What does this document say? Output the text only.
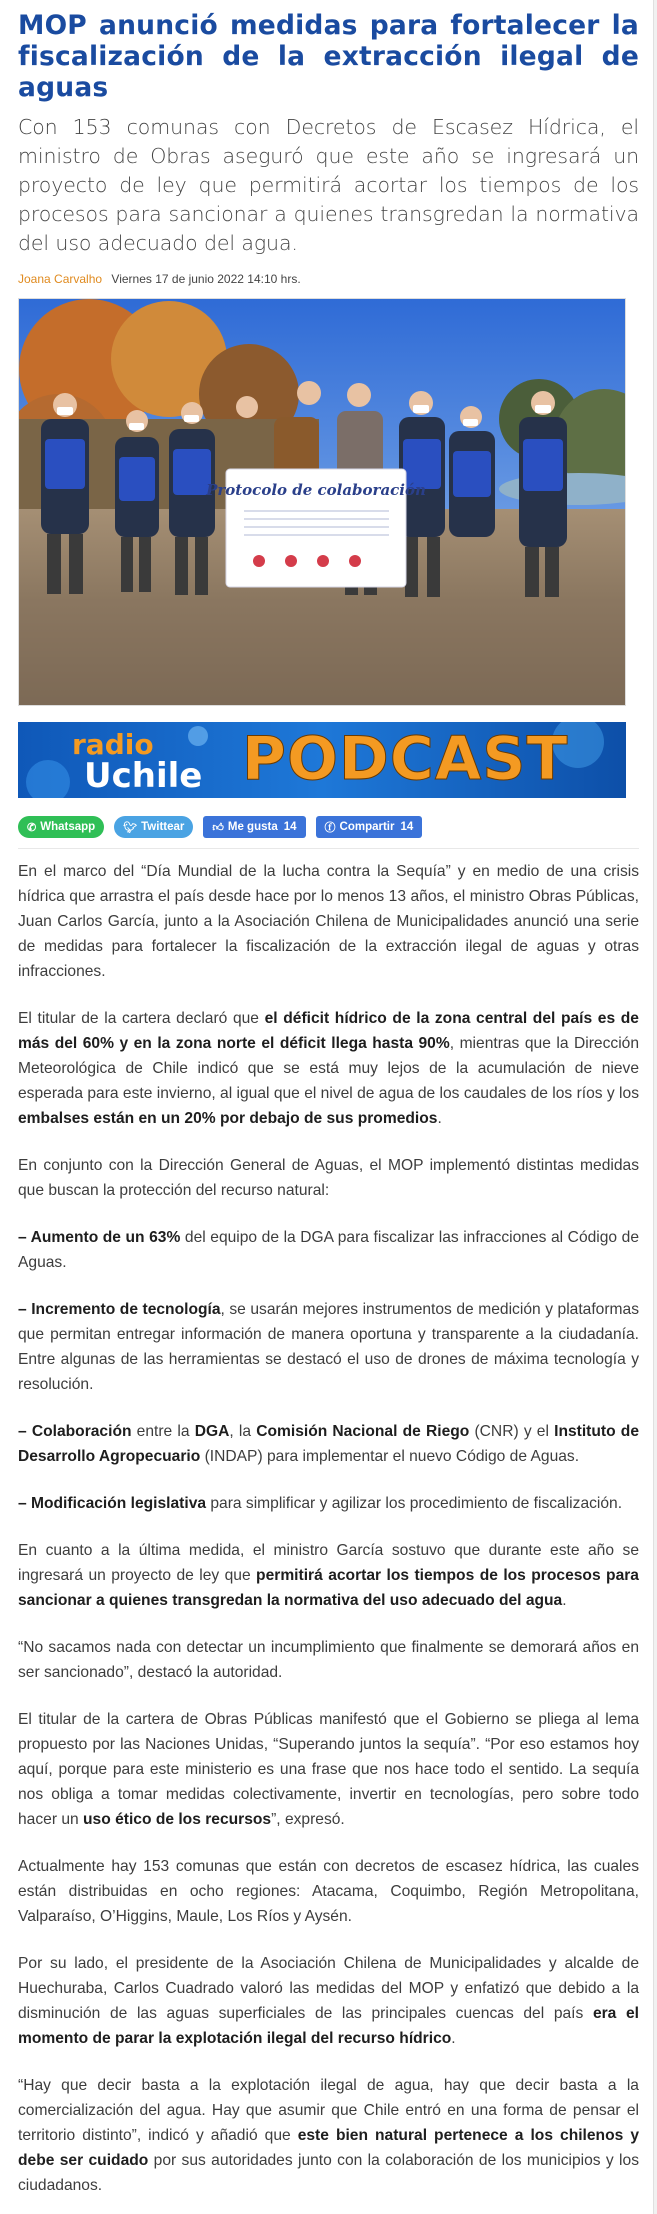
MOP anunció medidas para fortalecer la fiscalización de la extracción ilegal de aguas

Con 153 comunas con Decretos de Escasez Hídrica, el ministro de Obras aseguró que este año se ingresará un proyecto de ley que permitirá acortar los tiempos de los procesos para sancionar a quienes transgredan la normativa del uso adecuado del agua.

Joana Carvalho Viernes 17 de junio 2022 14:10 hrs.
Protocolo de colaboración
radio
Uchile PODCAST
✆ Whatsapp	🐦︎ Twittear	👍︎ Me gusta 14	ⓕ Compartir 14

En el marco del “Día Mundial de la lucha contra la Sequía” y en medio de una crisis hídrica que arrastra el país desde hace por lo menos 13 años, el ministro Obras Públicas, Juan Carlos García, junto a la Asociación Chilena de Municipalidades anunció una serie de medidas para fortalecer la fiscalización de la extracción ilegal de aguas y otras infracciones.

El titular de la cartera declaró que el déficit hídrico de la zona central del país es de más del 60% y en la zona norte el déficit llega hasta 90%, mientras que la Dirección Meteorológica de Chile indicó que se está muy lejos de la acumulación de nieve esperada para este invierno, al igual que el nivel de agua de los caudales de los ríos y los embalses están en un 20% por debajo de sus promedios.

En conjunto con la Dirección General de Aguas, el MOP implementó distintas medidas que buscan la protección del recurso natural:

– Aumento de un 63% del equipo de la DGA para fiscalizar las infracciones al Código de Aguas.

– Incremento de tecnología, se usarán mejores instrumentos de medición y plataformas que permitan entregar información de manera oportuna y transparente a la ciudadanía. Entre algunas de las herramientas se destacó el uso de drones de máxima tecnología y resolución.

– Colaboración entre la DGA, la Comisión Nacional de Riego (CNR) y el Instituto de Desarrollo Agropecuario (INDAP) para implementar el nuevo Código de Aguas.

– Modificación legislativa para simplificar y agilizar los procedimiento de fiscalización.

En cuanto a la última medida, el ministro García sostuvo que durante este año se ingresará un proyecto de ley que permitirá acortar los tiempos de los procesos para sancionar a quienes transgredan la normativa del uso adecuado del agua.

“No sacamos nada con detectar un incumplimiento que finalmente se demorará años en ser sancionado”, destacó la autoridad.

El titular de la cartera de Obras Públicas manifestó que el Gobierno se pliega al lema propuesto por las Naciones Unidas, “Superando juntos la sequía”. “Por eso estamos hoy aquí, porque para este ministerio es una frase que nos hace todo el sentido. La sequía nos obliga a tomar medidas colectivamente, invertir en tecnologías, pero sobre todo hacer un uso ético de los recursos”, expresó.

Actualmente hay 153 comunas que están con decretos de escasez hídrica, las cuales están distribuidas en ocho regiones: Atacama, Coquimbo, Región Metropolitana, Valparaíso, O’Higgins, Maule, Los Ríos y Aysén.

Por su lado, el presidente de la Asociación Chilena de Municipalidades y alcalde de Huechuraba, Carlos Cuadrado valoró las medidas del MOP y enfatizó que debido a la disminución de las aguas superficiales de las principales cuencas del país era el momento de parar la explotación ilegal del recurso hídrico.

“Hay que decir basta a la explotación ilegal de agua, hay que decir basta a la comercialización del agua. Hay que asumir que Chile entró en una forma de pensar el territorio distinto”, indicó y añadió que este bien natural pertenece a los chilenos y debe ser cuidado por sus autoridades junto con la colaboración de los municipios y los ciudadanos.
